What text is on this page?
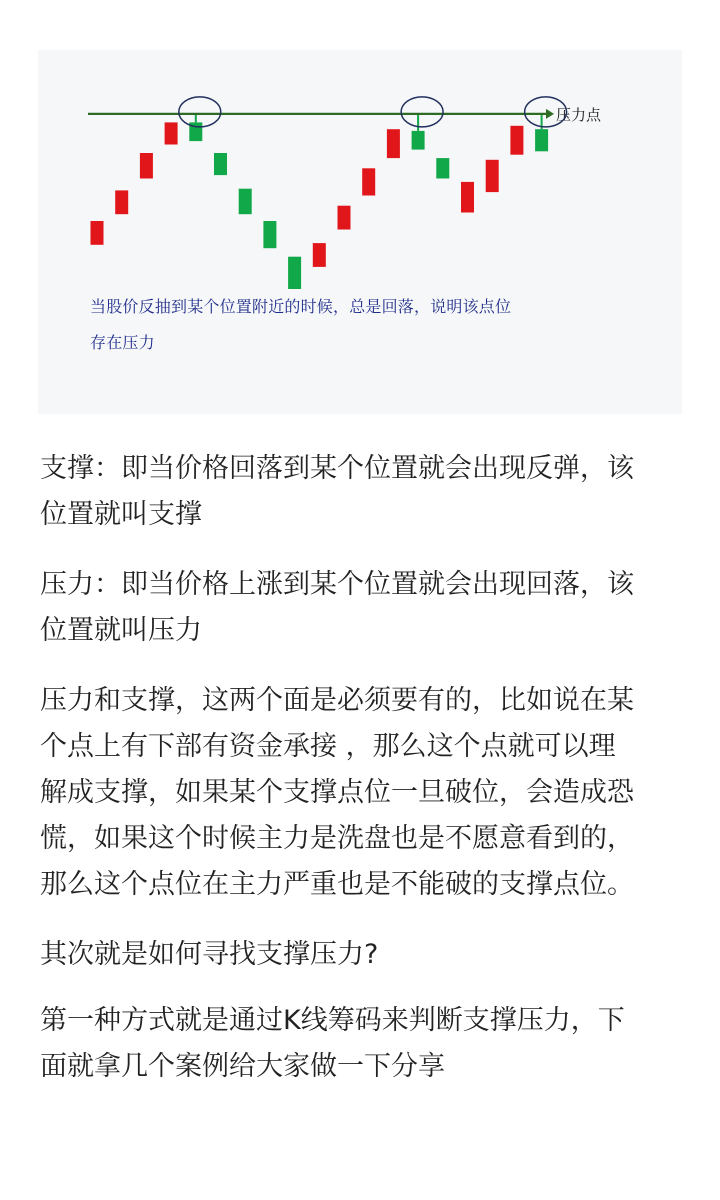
压力点
当股价反抽到某个位置附近的时候，总是回落，说明该点位
存在压力

支撑：即当价格回落到某个位置就会出现反弹，该
位置就叫支撑

压力：即当价格上涨到某个位置就会出现回落，该
位置就叫压力

压力和支撑，这两个面是必须要有的，比如说在某
个点上有下部有资金承接 ，那么这个点就可以理
解成支撑，如果某个支撑点位一旦破位，会造成恐
慌，如果这个时候主力是洗盘也是不愿意看到的，
那么这个点位在主力严重也是不能破的支撑点位。

其次就是如何寻找支撑压力?

第一种方式就是通过K线筹码来判断支撑压力，下
面就拿几个案例给大家做一下分享
